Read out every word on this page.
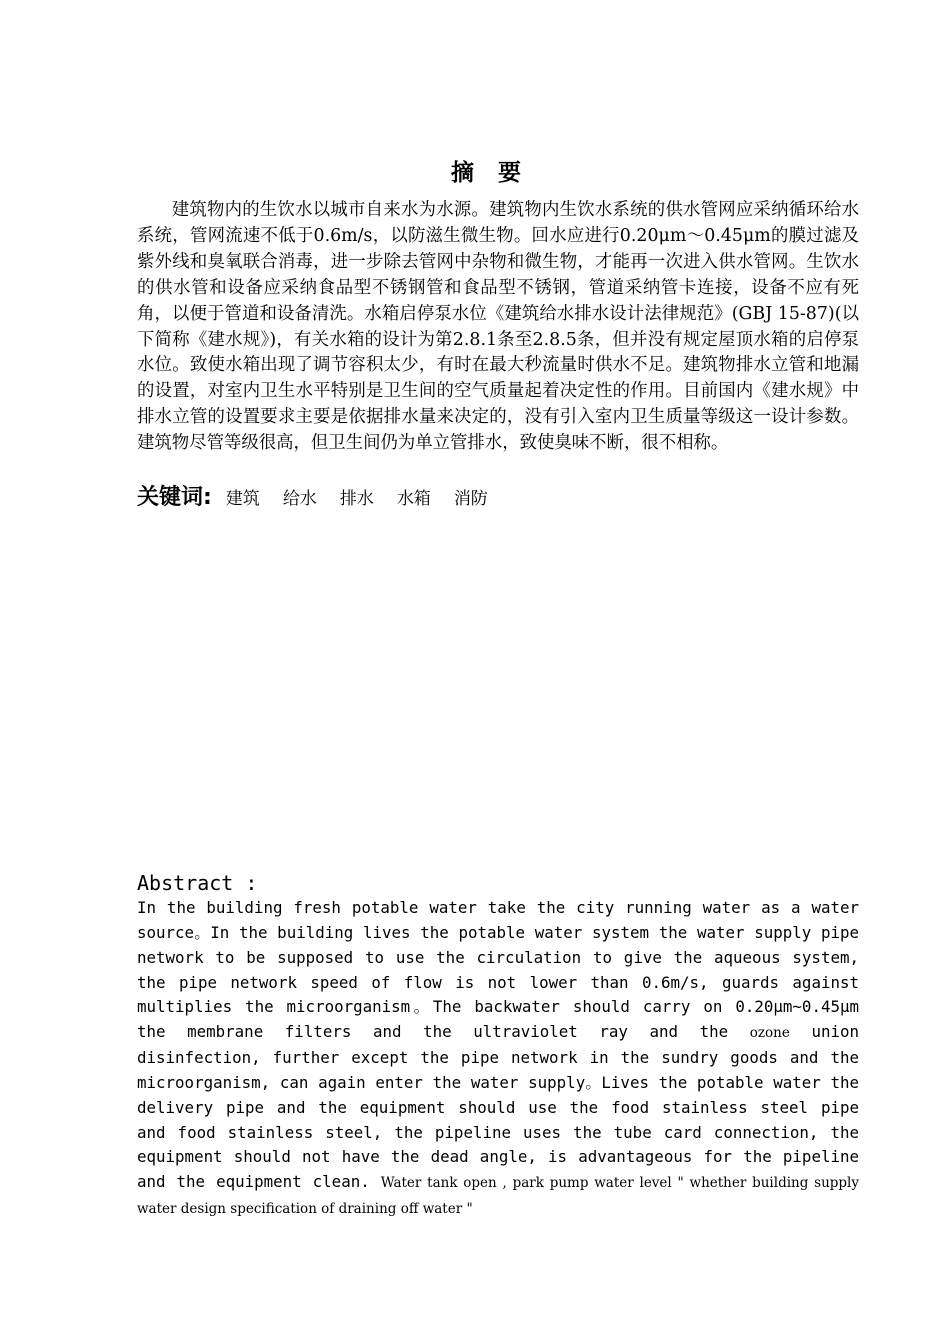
摘要

建筑物内的生饮水以城市自来水为水源。建筑物内生饮水系统的供水管网应采纳循环给水系统，管网流速不低于0.6m/s，以防滋生微生物。回水应进行0.20μm～0.45μm的膜过滤及紫外线和臭氧联合消毒，进一步除去管网中杂物和微生物，才能再一次进入供水管网。生饮水的供水管和设备应采纳食品型不锈钢管和食品型不锈钢，管道采纳管卡连接，设备不应有死角，以便于管道和设备清洗。水箱启停泵水位《建筑给水排水设计法律规范》(GBJ 15-87)(以下简称《建水规》)，有关水箱的设计为第2.8.1条至2.8.5条，但并没有规定屋顶水箱的启停泵水位。致使水箱出现了调节容积太少，有时在最大秒流量时供水不足。建筑物排水立管和地漏的设置，对室内卫生水平特别是卫生间的空气质量起着决定性的作用。目前国内《建水规》中排水立管的设置要求主要是依据排水量来决定的，没有引入室内卫生质量等级这一设计参数。建筑物尽管等级很高，但卫生间仍为单立管排水，致使臭味不断，很不相称。

关键词: 建筑 给水 排水 水箱 消防
Abstract :

In the building fresh potable water take the city running water as a water source。In the building lives the potable water system the water supply pipe network to be supposed to use the circulation to give the aqueous system, the pipe network speed of flow is not lower than 0.6m/s, guards against multiplies the microorganism。The backwater should carry on 0.20μm~0.45μm the membrane filters and the ultraviolet ray and the ozone union disinfection, further except the pipe network in the sundry goods and the microorganism, can again enter the water supply。Lives the potable water the delivery pipe and the equipment should use the food stainless steel pipe and food stainless steel, the pipeline uses the tube card connection, the equipment should not have the dead angle, is advantageous for the pipeline and the equipment clean. Water tank open , park pump water level " whether building supply water design specification of draining off water "
